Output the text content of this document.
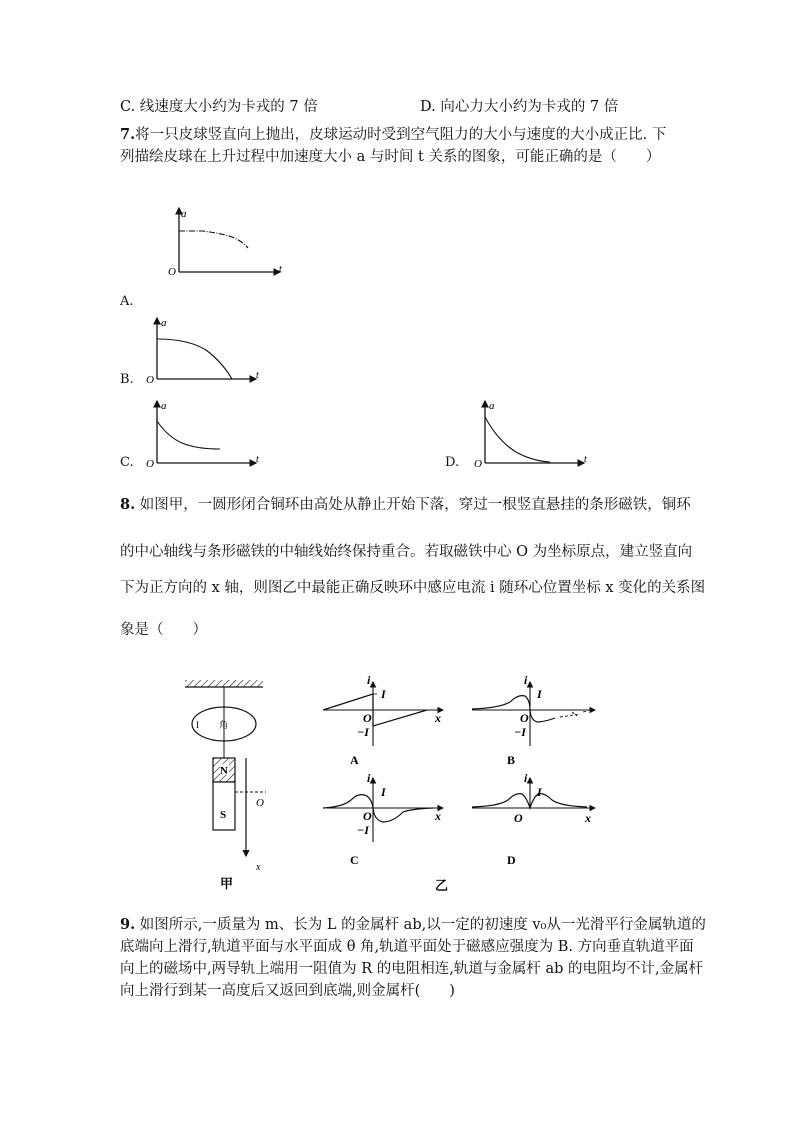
C. 线速度大小约为卡戎的 7 倍	D. 向心力大小约为卡戎的 7 倍
7.将一只皮球竖直向上抛出，皮球运动时受到空气阻力的大小与速度的大小成正比. 下列描绘皮球在上升过程中加速度大小 a 与时间 t 关系的图象，可能正确的是（　　）
a
O	t
A.
B.
a
O	t
C.
a
O	t	D.
a
O	t
8. 如图甲，一圆形闭合铜环由高处从静止开始下落，穿过一根竖直悬挂的条形磁铁，铜环
的中心轴线与条形磁铁的中轴线始终保持重合。若取磁铁中心 O 为坐标原点，建立竖直向
下为正方向的 x 轴，则图乙中最能正确反映环中感应电流 i 随环心位置坐标 x 变化的关系图
象是（　　）
I 角
N
S
O
x
甲
i
I
O
−I
x
A
i
I
O
−I
B
i
I
O
−I
x
C
i
I
O	x
D
乙
9. 如图所示,一质量为 m、长为 L 的金属杆 ab,以一定的初速度 v₀从一光滑平行金属轨道的
底端向上滑行,轨道平面与水平面成 θ 角,轨道平面处于磁感应强度为 B. 方向垂直轨道平面
向上的磁场中,两导轨上端用一阻值为 R 的电阻相连,轨道与金属杆 ab 的电阻均不计,金属杆
向上滑行到某一高度后又返回到底端,则金属杆(　　)
